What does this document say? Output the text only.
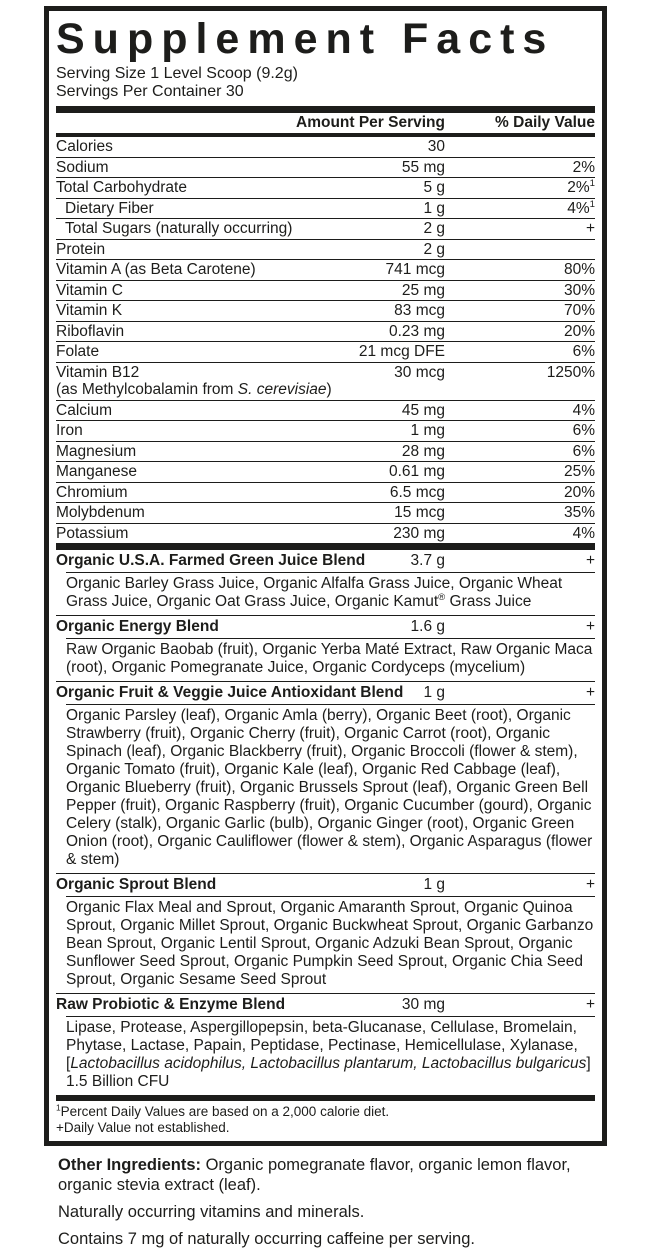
Supplement Facts
Serving Size 1 Level Scoop (9.2g)
Servings Per Container 30
Amount Per Serving	% Daily Value
Calories	30
Sodium	55 mg	2%
Total Carbohydrate	5 g	2%$^1$
Dietary Fiber	1 g	4%$^1$
Total Sugars (naturally occurring)	2 g	+
Protein	2 g
Vitamin A (as Beta Carotene)	741 mcg	80%
Vitamin C	25 mg	30%
Vitamin K	83 mcg	70%
Riboflavin	0.23 mg	20%
Folate	21 mcg DFE	6%
Vitamin B12
(as Methylcobalamin from S. cerevisiae)
30 mcg	1250%
Calcium	45 mg	4%
Iron	1 mg	6%
Magnesium	28 mg	6%
Manganese	0.61 mg	25%
Chromium	6.5 mcg	20%
Molybdenum	15 mcg	35%
Potassium	230 mg	4%
Organic U.S.A. Farmed Green Juice Blend	3.7 g	+
Organic Barley Grass Juice, Organic Alfalfa Grass Juice, Organic Wheat Grass Juice, Organic Oat Grass Juice, Organic Kamut® Grass Juice
Organic Energy Blend	1.6 g	+
Raw Organic Baobab (fruit), Organic Yerba Maté Extract, Raw Organic Maca (root), Organic Pomegranate Juice, Organic Cordyceps (mycelium)
Organic Fruit & Veggie Juice Antioxidant Blend 1 g	+
Organic Parsley (leaf), Organic Amla (berry), Organic Beet (root), Organic Strawberry (fruit), Organic Cherry (fruit), Organic Carrot (root), Organic Spinach (leaf), Organic Blackberry (fruit), Organic Broccoli (flower & stem), Organic Tomato (fruit), Organic Kale (leaf), Organic Red Cabbage (leaf), Organic Blueberry (fruit), Organic Brussels Sprout (leaf), Organic Green Bell Pepper (fruit), Organic Raspberry (fruit), Organic Cucumber (gourd), Organic Celery (stalk), Organic Garlic (bulb), Organic Ginger (root), Organic Green Onion (root), Organic Cauliflower (flower & stem), Organic Asparagus (flower & stem)
Organic Sprout Blend	1 g	+
Organic Flax Meal and Sprout, Organic Amaranth Sprout, Organic Quinoa Sprout, Organic Millet Sprout, Organic Buckwheat Sprout, Organic Garbanzo Bean Sprout, Organic Lentil Sprout, Organic Adzuki Bean Sprout, Organic Sunflower Seed Sprout, Organic Pumpkin Seed Sprout, Organic Chia Seed Sprout, Organic Sesame Seed Sprout
Raw Probiotic & Enzyme Blend	30 mg	+
Lipase, Protease, Aspergillopepsin, beta-Glucanase, Cellulase, Bromelain, Phytase, Lactase, Papain, Peptidase, Pectinase, Hemicellulase, Xylanase, [Lactobacillus acidophilus, Lactobacillus plantarum, Lactobacillus bulgaricus] 1.5 Billion CFU
$^1$Percent Daily Values are based on a 2,000 calorie diet.
+Daily Value not established.

Other Ingredients: Organic pomegranate flavor, organic lemon flavor, organic stevia extract (leaf).

Naturally occurring vitamins and minerals.

Contains 7 mg of naturally occurring caffeine per serving.
